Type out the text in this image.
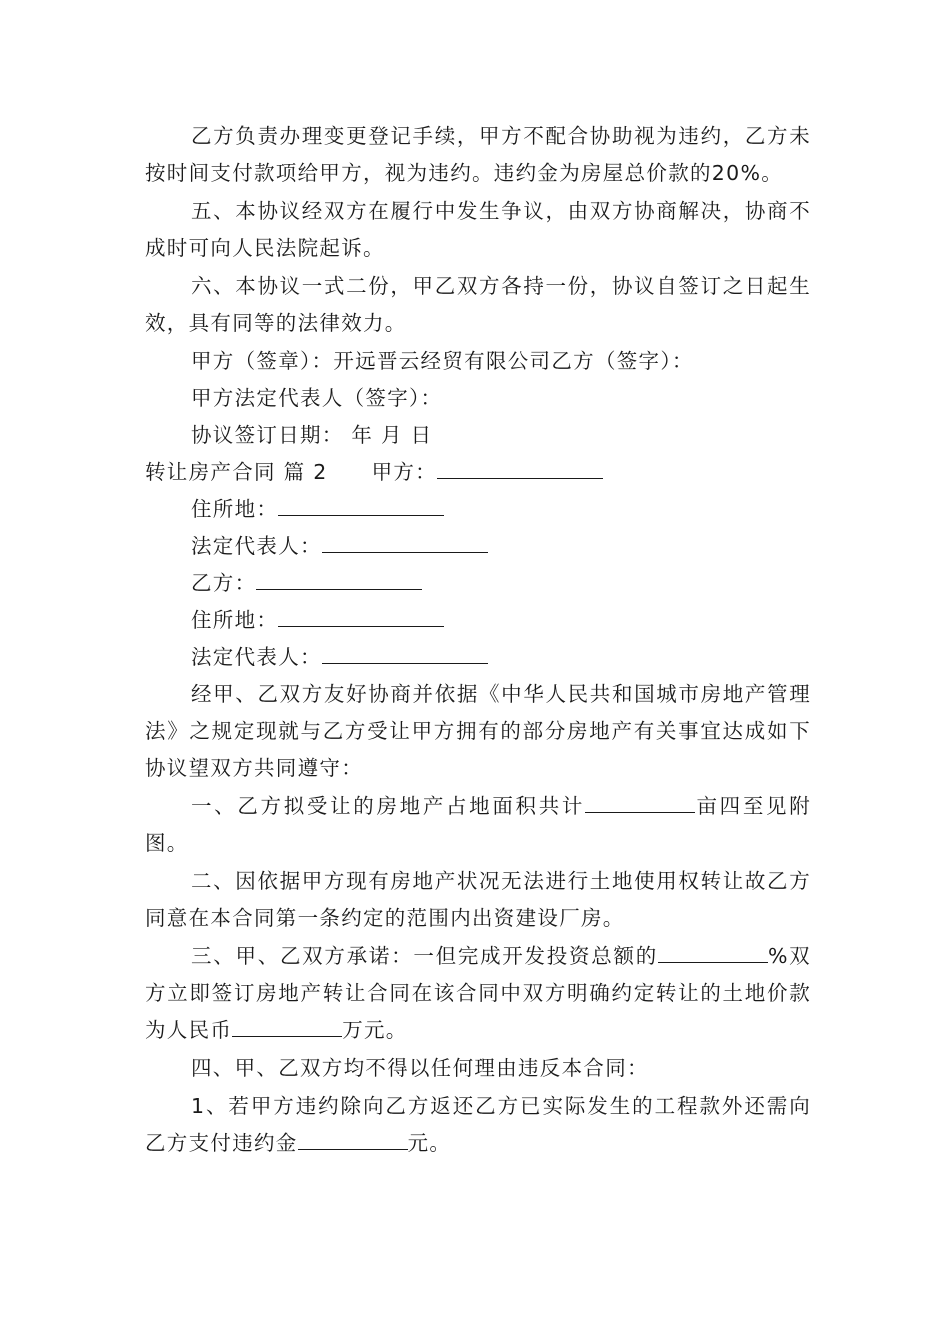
乙方负责办理变更登记手续，甲方不配合协助视为违约，乙方未按时间支付款项给甲方，视为违约。违约金为房屋总价款的20%。

五、本协议经双方在履行中发生争议，由双方协商解决，协商不成时可向人民法院起诉。

六、本协议一式二份，甲乙双方各持一份，协议自签订之日起生效，具有同等的法律效力。

甲方（签章）：开远晋云经贸有限公司乙方（签字）：

甲方法定代表人（签字）：

协议签订日期： 年 月 日

转让房产合同 篇 2 甲方：

住所地：

法定代表人：

乙方：

住所地：

法定代表人：

经甲、乙双方友好协商并依据《中华人民共和国城市房地产管理法》之规定现就与乙方受让甲方拥有的部分房地产有关事宜达成如下协议望双方共同遵守：

一、乙方拟受让的房地产占地面积共计	亩四至见附图。

二、因依据甲方现有房地产状况无法进行土地使用权转让故乙方同意在本合同第一条约定的范围内出资建设厂房。

三、甲、乙双方承诺：一但完成开发投资总额的	%双方立即签订房地产转让合同在该合同中双方明确约定转让的土地价款为人民币	万元。

四、甲、乙双方均不得以任何理由违反本合同：

1、若甲方违约除向乙方返还乙方已实际发生的工程款外还需向乙方支付违约金	元。
